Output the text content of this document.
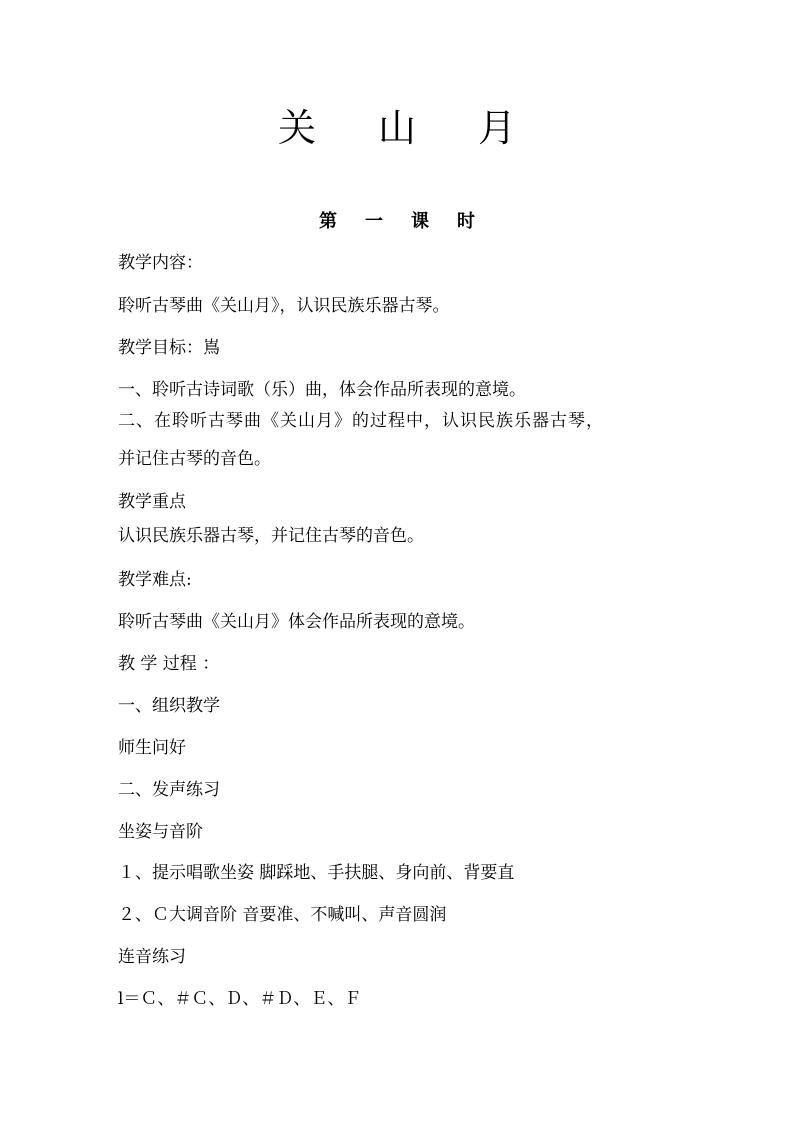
关山月
第一课时
教学内容：
聆听古琴曲《关山月》，认识民族乐器古琴。
教学目标：嶌
一、聆听古诗词歌（乐）曲，体会作品所表现的意境。
二、在聆听古琴曲《关山月》的过程中，认识民族乐器古琴，
并记住古琴的音色。
教学重点
认识民族乐器古琴，并记住古琴的音色。
教学难点:
聆听古琴曲《关山月》体会作品所表现的意境。
教 学 过程 ：
一、组织教学
师生问好
二、发声练习
坐姿与音阶
１、提示唱歌坐姿 脚踩地、手扶腿、身向前、背要直
２、Ｃ大调音阶 音要准、不喊叫、声音圆润
连音练习
l＝Ｃ、＃Ｃ、Ｄ、＃Ｄ、Ｅ、Ｆ
